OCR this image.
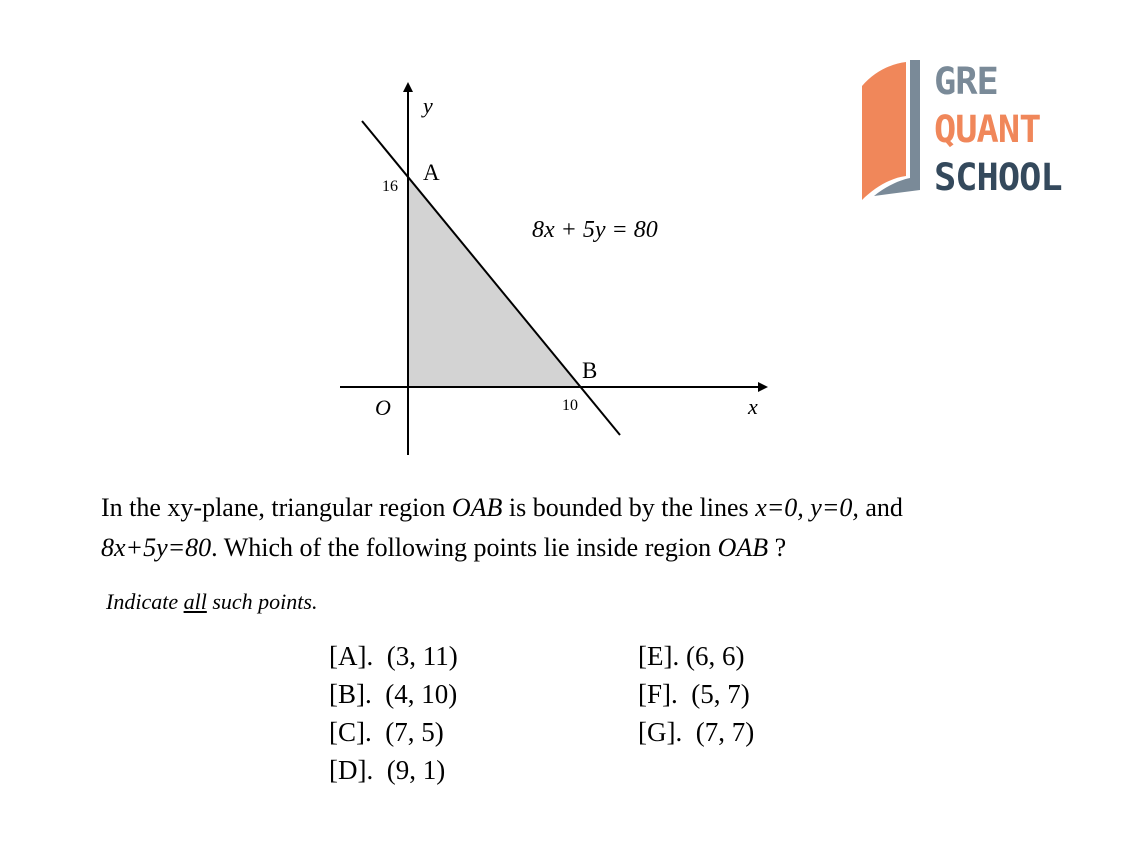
y
x
O
A
B
16
10
8x + 5y = 80
GRE
QUANT
SCHOOL
In the xy-plane, triangular region OAB is bounded by the lines x=0, y=0, and
8x+5y=80. Which of the following points lie inside region OAB ?
Indicate all such points.
[A]. (3, 11)
[B]. (4, 10)
[C]. (7, 5)
[D]. (9, 1)
[E]. (6, 6)
[F]. (5, 7)
[G]. (7, 7)
